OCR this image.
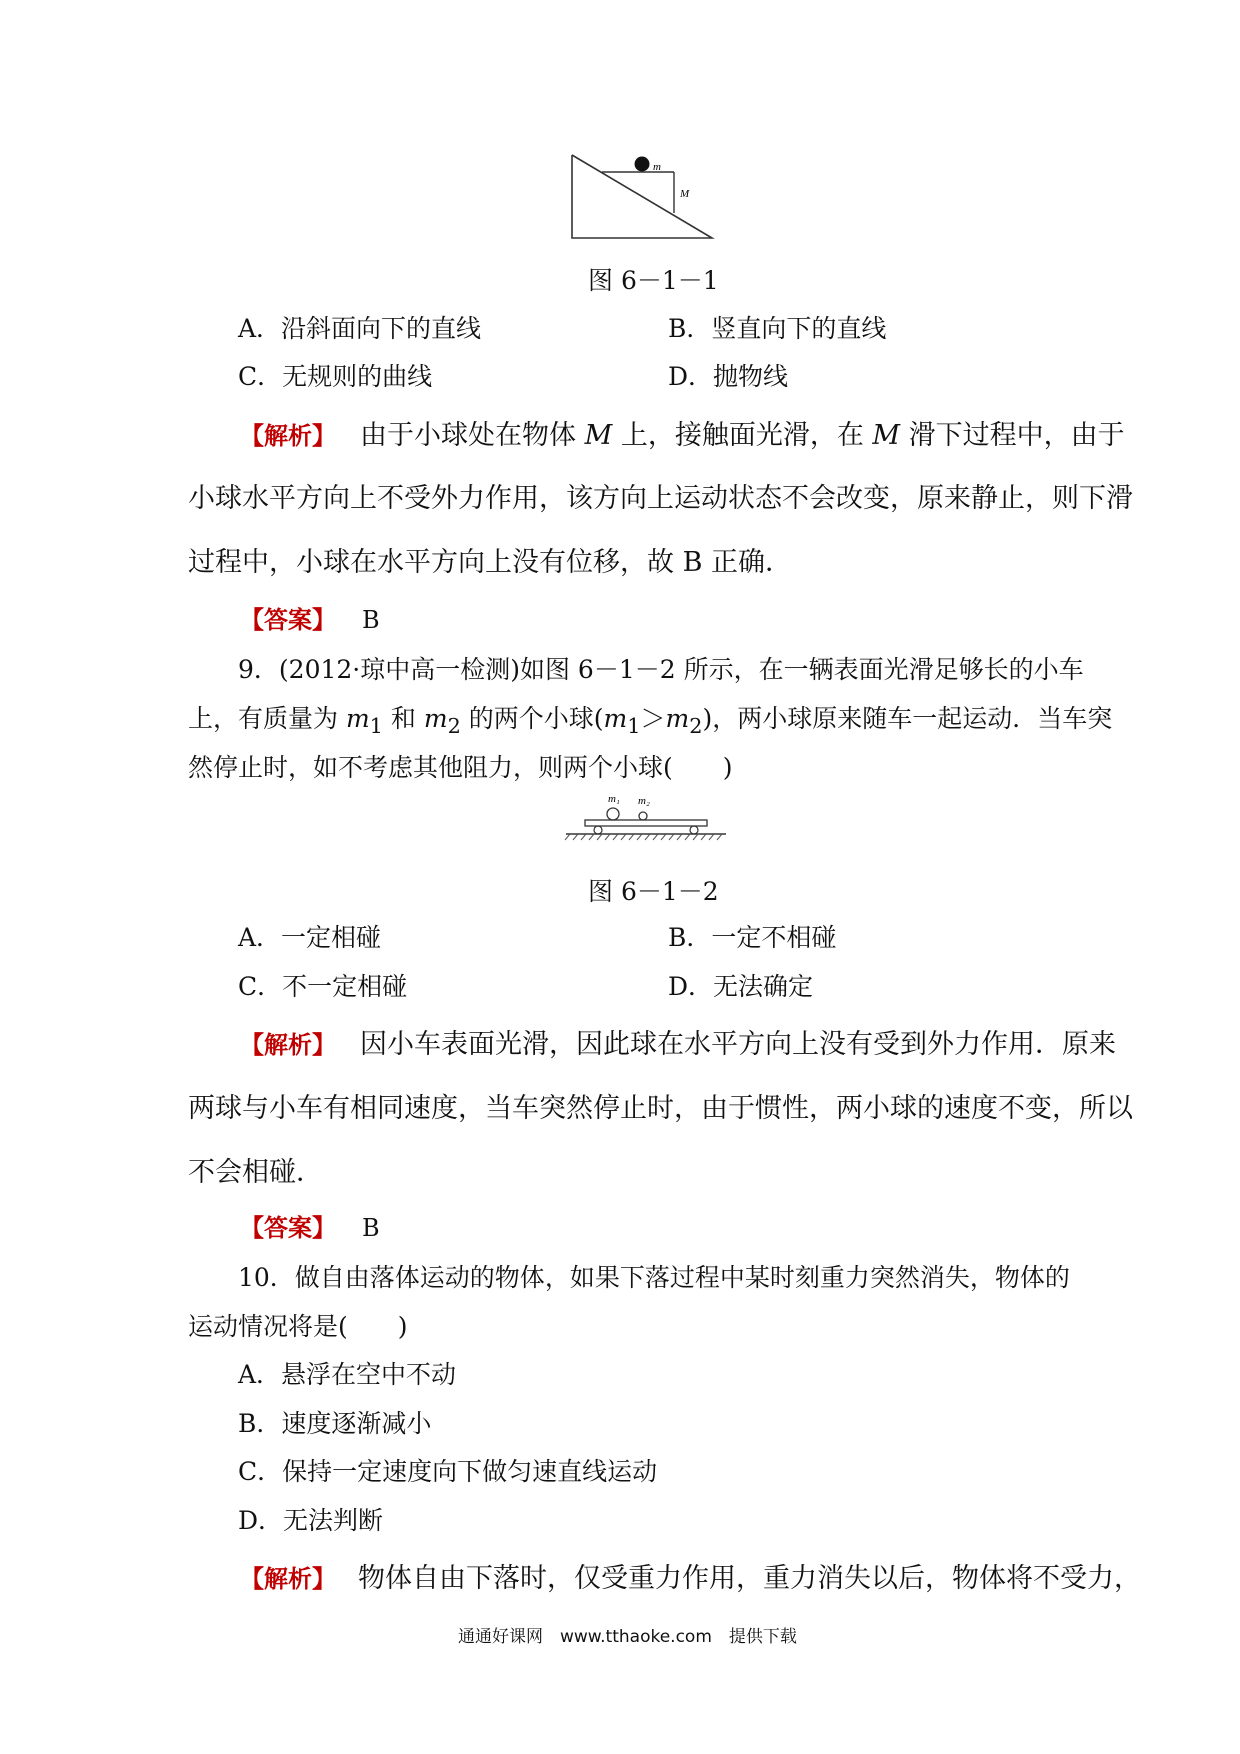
m
M
图 6－1－1
A．沿斜面向下的直线	B．竖直向下的直线
C．无规则的曲线	D．抛物线
【解析】 由于小球处在物体 M 上，接触面光滑，在 M 滑下过程中，由于
小球水平方向上不受外力作用，该方向上运动状态不会改变，原来静止，则下滑
过程中，小球在水平方向上没有位移，故 B 正确．
【答案】 B
9．(2012·琼中高一检测)如图 6－1－2 所示，在一辆表面光滑足够长的小车
上，有质量为 $m_1$ 和 $m_2$ 的两个小球$(m_1>m_2)$，两小球原来随车一起运动．当车突
然停止时，如不考虑其他阻力，则两个小球(　　)
m₁ m₂
图 6－1－2
A．一定相碰	B．一定不相碰
C．不一定相碰	D．无法确定
【解析】 因小车表面光滑，因此球在水平方向上没有受到外力作用．原来
两球与小车有相同速度，当车突然停止时，由于惯性，两小球的速度不变，所以
不会相碰．
【答案】 B
10．做自由落体运动的物体，如果下落过程中某时刻重力突然消失，物体的
运动情况将是(　　)
A．悬浮在空中不动
B．速度逐渐减小
C．保持一定速度向下做匀速直线运动
D．无法判断
【解析】 物体自由下落时，仅受重力作用，重力消失以后，物体将不受力，
通通好课网　www.tthaoke.com　提供下载
